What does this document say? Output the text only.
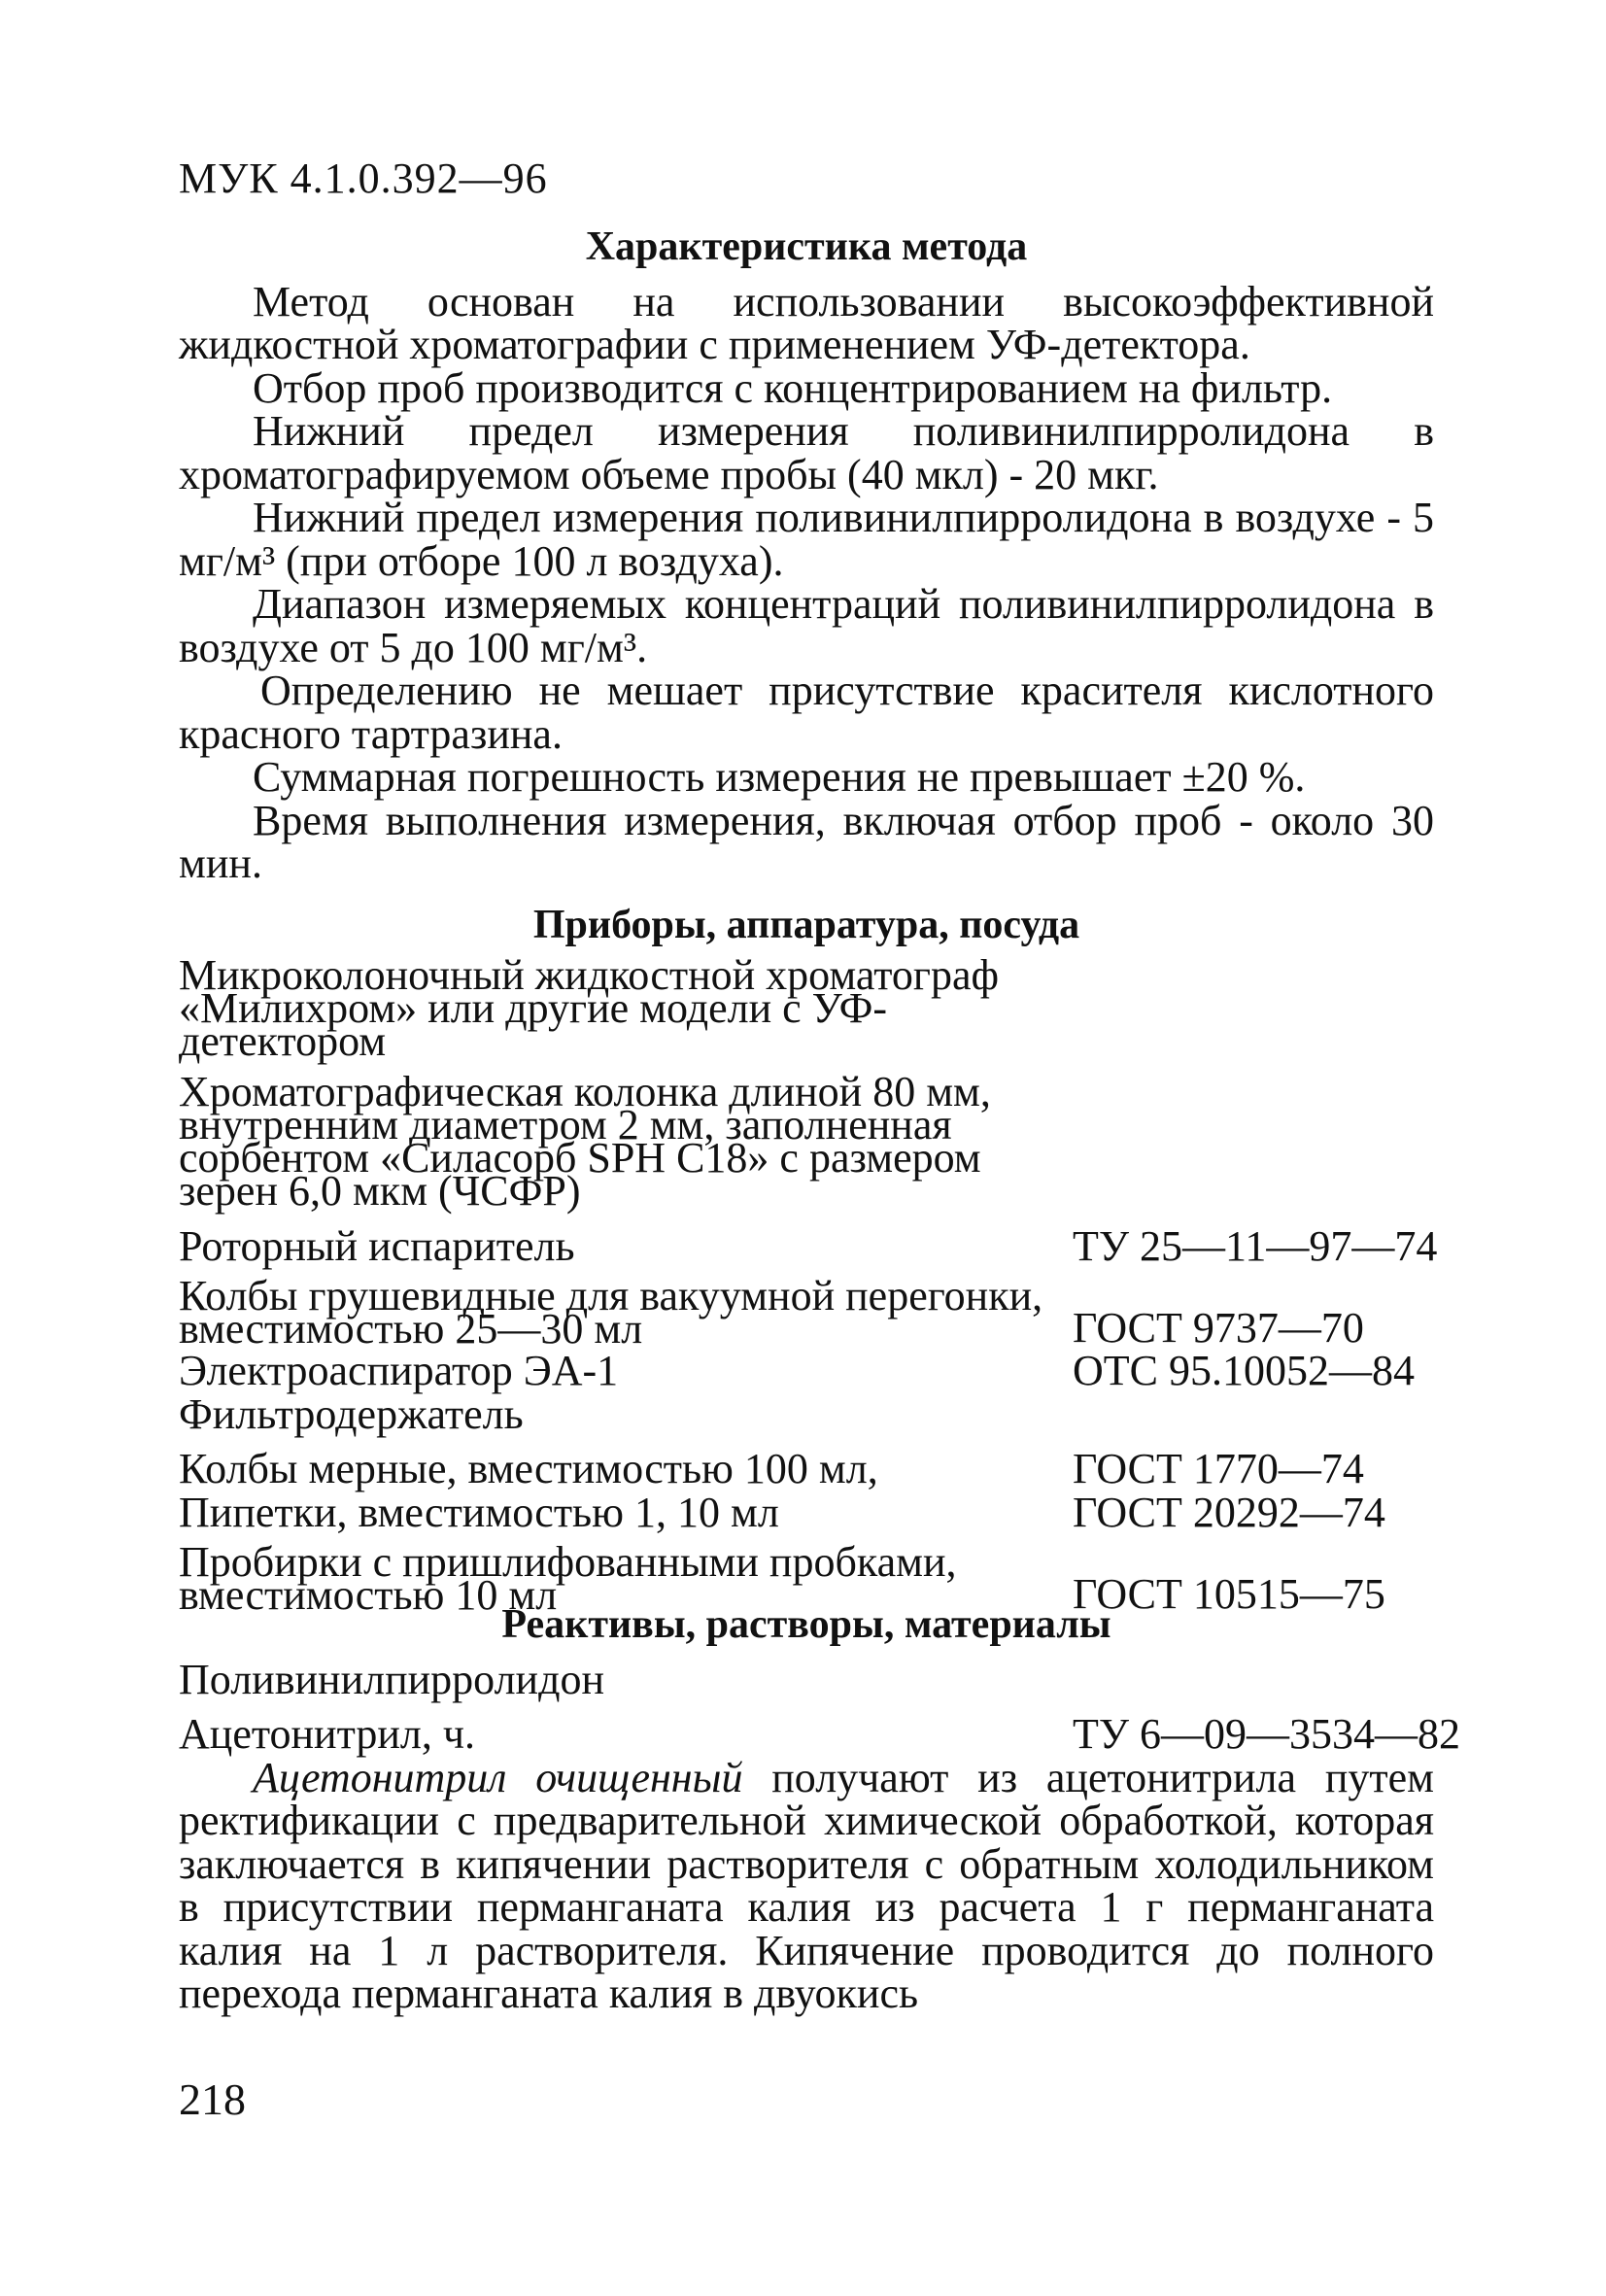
МУК 4.1.0.392—96
Характеристика метода

Метод основан на использовании высокоэффективной жидкостной хроматографии с применением УФ-детектора.

Отбор проб производится с концентрированием на фильтр.

Нижний предел измерения поливинилпирролидона в хроматографируемом объеме пробы (40 мкл) - 20 мкг.

Нижний предел измерения поливинилпирролидона в воздухе - 5 мг/м³ (при отборе 100 л воздуха).

Диапазон измеряемых концентраций поливинилпирролидона в воздухе от 5 до 100 мг/м³.

Определению не мешает присутствие красителя кислотного красного тартразина.

Суммарная погрешность измерения не превышает ±20 %.

Время выполнения измерения, включая отбор проб - около 30 мин.

Приборы, аппаратура, посуда
Микроколоночный жидкостной хроматограф «Милихром» или другие модели с УФ-детектором
Хроматографическая колонка длиной 80 мм, внутренним диаметром 2 мм, заполненная сорбентом «Силасорб SPH C18» с размером зерен 6,0 мкм (ЧСФР)
Роторный испаритель	ТУ 25—11—97—74
Колбы грушевидные для вакуумной перегонки, вместимостью 25—30 мл	ГОСТ 9737—70
Электроаспиратор ЭА-1	ОТС 95.10052—84
Фильтродержатель
Колбы мерные, вместимостью 100 мл,	ГОСТ 1770—74
Пипетки, вместимостью 1, 10 мл	ГОСТ 20292—74
Пробирки с пришлифованными пробками, вместимостью 10 мл	ГОСТ 10515—75
Реактивы, растворы, материалы
Поливинилпирролидон
Ацетонитрил, ч.	ТУ 6—09—3534—82

Ацетонитрил очищенный получают из ацетонитрила путем ректификации с предварительной химической обработкой, которая заключается в кипячении растворителя с обратным холодильником в присутствии перманганата калия из расчета 1 г перманганата калия на 1 л растворителя. Кипячение проводится до полного перехода перманганата калия в двуокись

218
